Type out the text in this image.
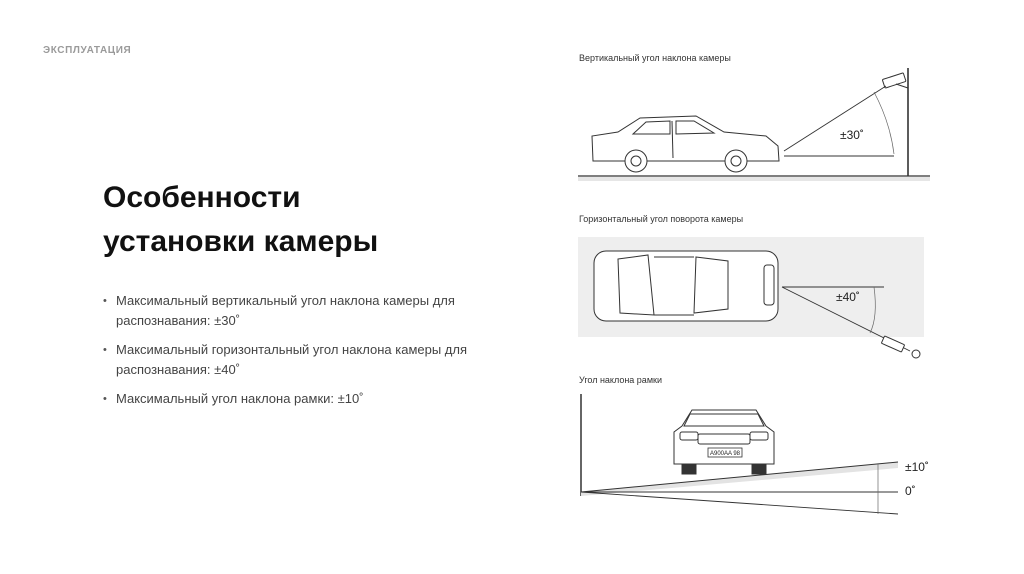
ЭКСПЛУАТАЦИЯ
Особенности
установки камеры
• Максимальный вертикальный угол наклона камеры для
распознавания: ±30˚
• Максимальный горизонтальный угол наклона камеры для
распознавания: ±40˚
• Максимальный угол наклона рамки: ±10˚
Вертикальный угол наклона камеры
±30˚
Горизонтальный угол поворота камеры
±40˚
Угол наклона рамки
±10˚
0˚
A900AA 98
